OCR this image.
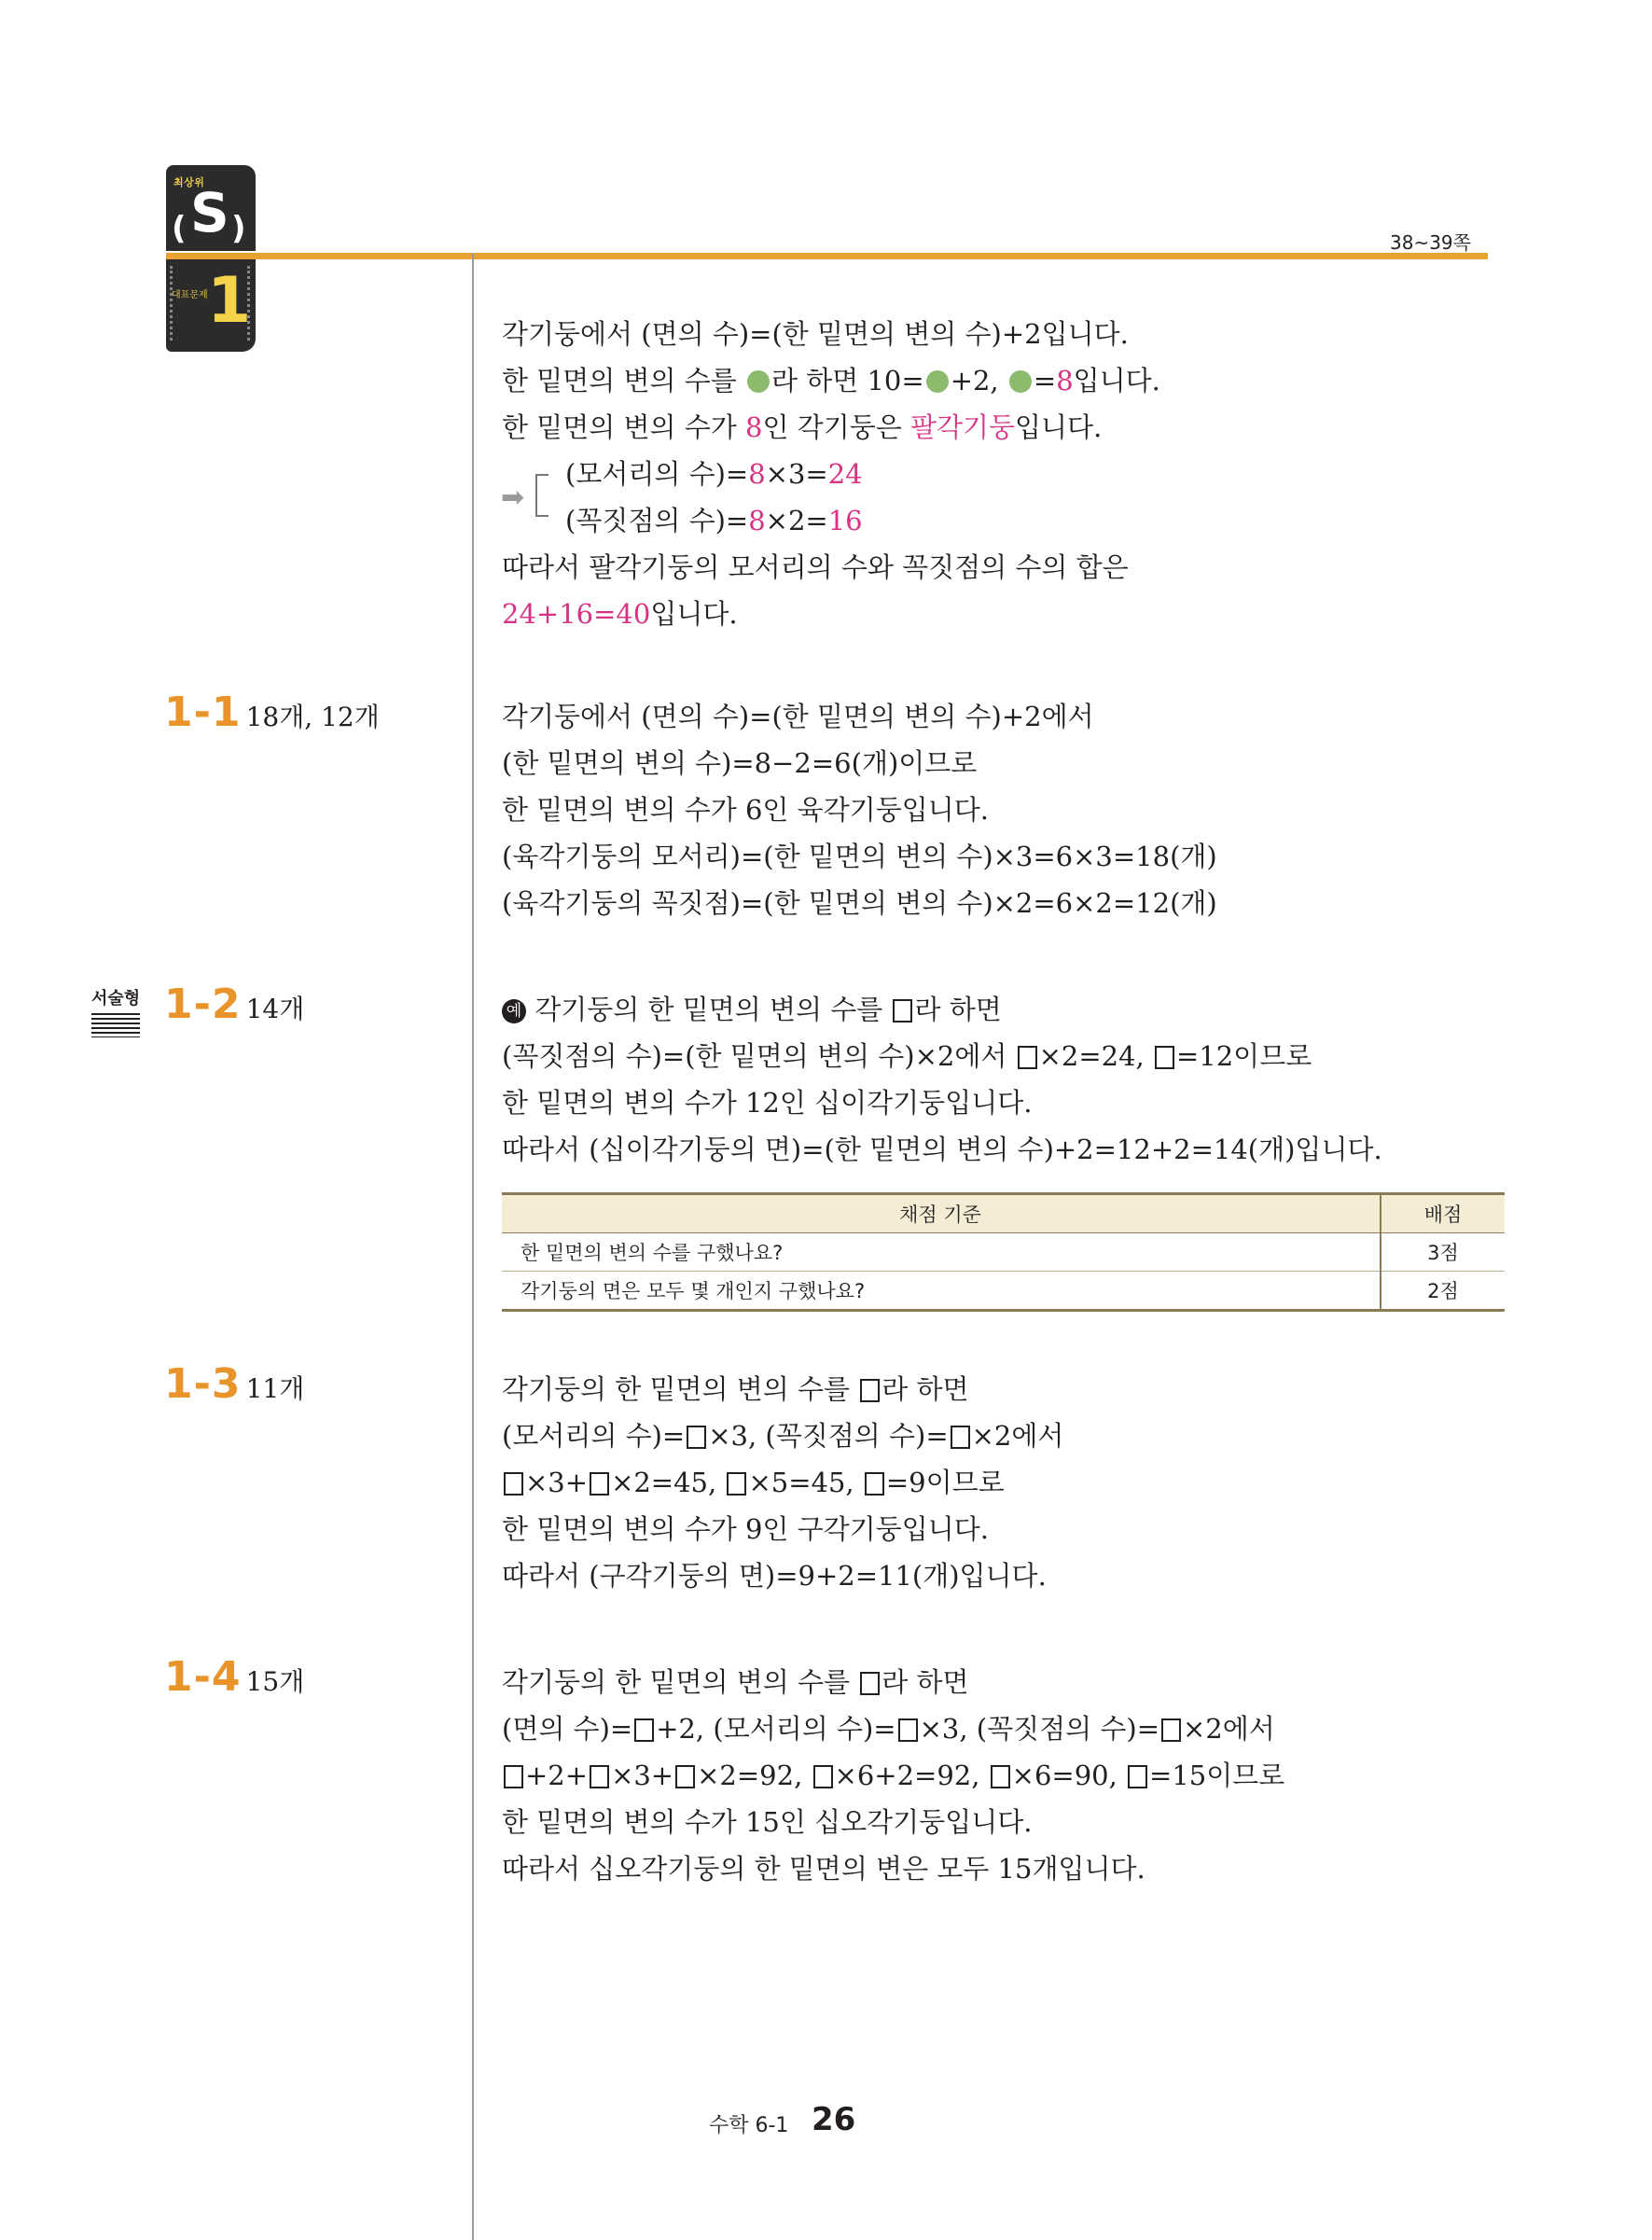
최상위
( S )
대표문제 1
38~39쪽
각기둥에서 (면의 수)=(한 밑면의 변의 수)+2입니다.
한 밑면의 변의 수를 라 하면 10= +2, =8입니다.
한 밑면의 변의 수가 8인 각기둥은 팔각기둥입니다.
(모서리의 수)=8×3=24
(꼭짓점의 수)=8×2=16
따라서 팔각기둥의 모서리의 수와 꼭짓점의 수의 합은
24+16=40입니다.
➡
1-1 18개, 12개	각기둥에서 (면의 수)=(한 밑면의 변의 수)+2에서
(한 밑면의 변의 수)=8−2=6(개)이므로
한 밑면의 변의 수가 6인 육각기둥입니다.
(육각기둥의 모서리)=(한 밑면의 변의 수)×3=6×3=18(개)
(육각기둥의 꼭짓점)=(한 밑면의 변의 수)×2=6×2=12(개)
서술형 1-2 14개	예 각기둥의 한 밑면의 변의 수를 라 하면
(꼭짓점의 수)=(한 밑면의 변의 수)×2에서 ×2=24, =12이므로
한 밑면의 변의 수가 12인 십이각기둥입니다.
따라서 (십이각기둥의 면)=(한 밑면의 변의 수)+2=12+2=14(개)입니다.
채점 기준	배점
한 밑면의 변의 수를 구했나요?	3점
각기둥의 면은 모두 몇 개인지 구했나요?	2점
1-3 11개	각기둥의 한 밑면의 변의 수를 라 하면
(모서리의 수)= ×3, (꼭짓점의 수)= ×2에서
×3+ ×2=45, ×5=45, =9이므로
한 밑면의 변의 수가 9인 구각기둥입니다.
따라서 (구각기둥의 면)=9+2=11(개)입니다.
1-4 15개	각기둥의 한 밑면의 변의 수를 라 하면
(면의 수)= +2, (모서리의 수)= ×3, (꼭짓점의 수)= ×2에서
+2+ ×3+ ×2=92, ×6+2=92, ×6=90, =15이므로
한 밑면의 변의 수가 15인 십오각기둥입니다.
따라서 십오각기둥의 한 밑면의 변은 모두 15개입니다.
수학 6-1 26
